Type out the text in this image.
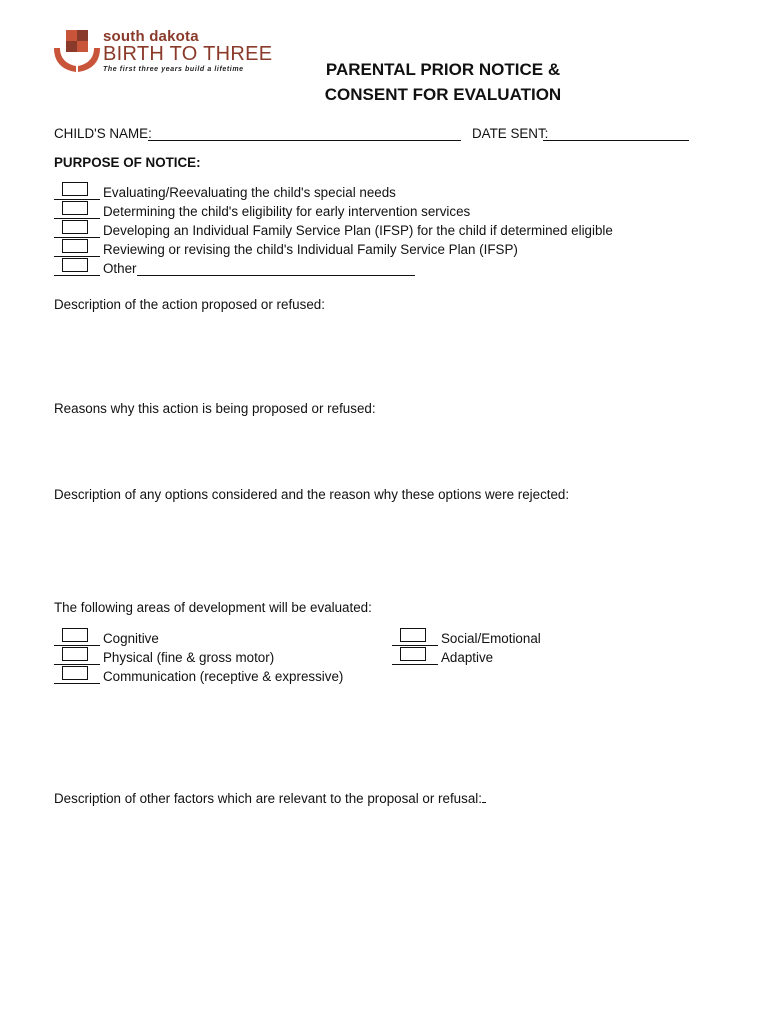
south dakota
BIRTH TO THREE
The first three years build a lifetime	PARENTAL PRIOR NOTICE &
CONSENT FOR EVALUATION
CHILD'S NAME:	DATE SENT:
PURPOSE OF NOTICE:
Evaluating/Reevaluating the child's special needs
Determining the child's eligibility for early intervention services
Developing an Individual Family Service Plan (IFSP) for the child if determined eligible
Reviewing or revising the child's Individual Family Service Plan (IFSP)
Other
Description of the action proposed or refused:
Reasons why this action is being proposed or refused:
Description of any options considered and the reason why these options were rejected:
The following areas of development will be evaluated:
Cognitive
Physical (fine & gross motor)
Communication (receptive & expressive)
Social/Emotional
Adaptive
Description of other factors which are relevant to the proposal or refusal:
